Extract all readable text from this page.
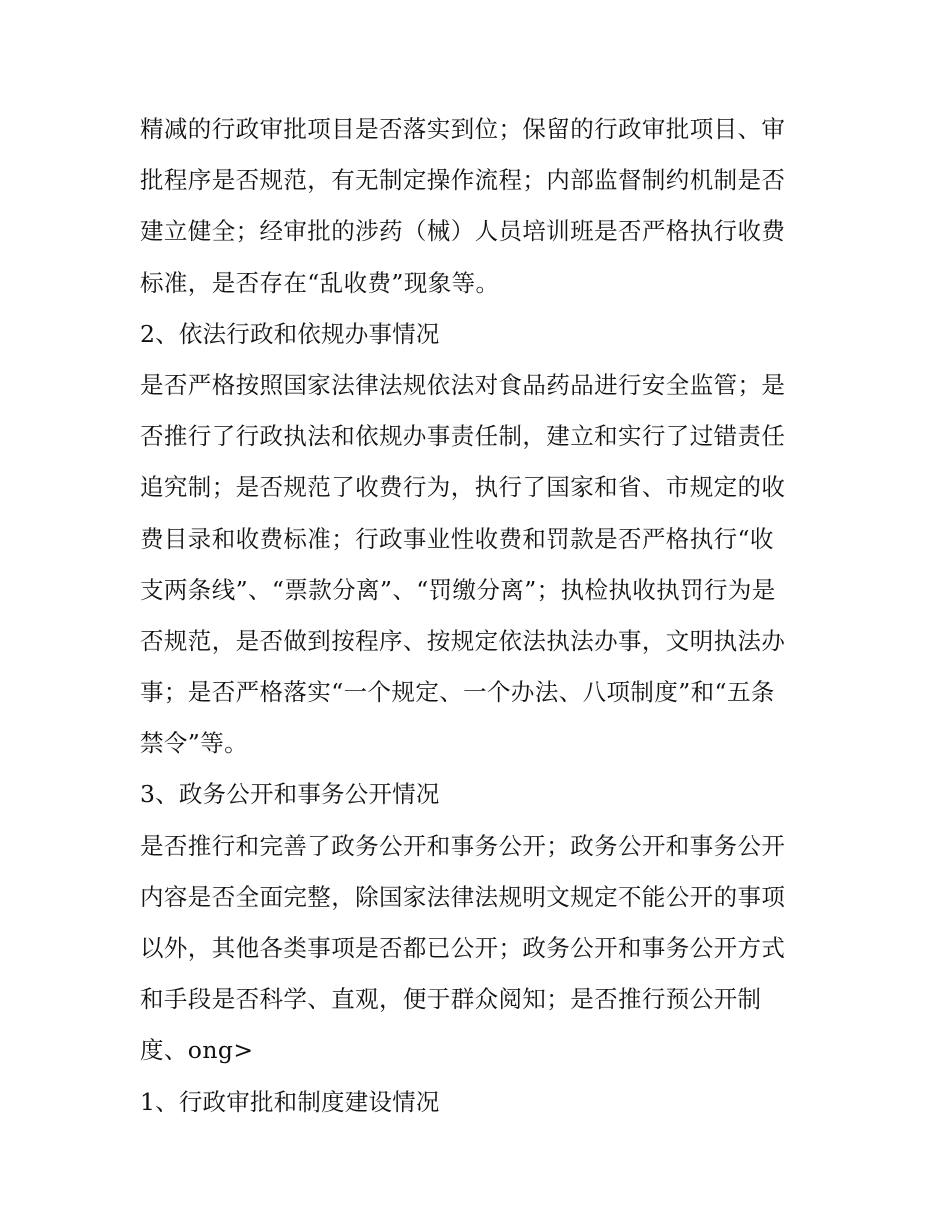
精减的行政审批项目是否落实到位；保留的行政审批项目、审
批程序是否规范，有无制定操作流程；内部监督制约机制是否
建立健全；经审批的涉药（械）人员培训班是否严格执行收费
标准，是否存在“乱收费”现象等。
2、依法行政和依规办事情况
是否严格按照国家法律法规依法对食品药品进行安全监管；是
否推行了行政执法和依规办事责任制，建立和实行了过错责任
追究制；是否规范了收费行为，执行了国家和省、市规定的收
费目录和收费标准；行政事业性收费和罚款是否严格执行“收
支两条线”、“票款分离”、“罚缴分离”；执检执收执罚行为是
否规范，是否做到按程序、按规定依法执法办事，文明执法办
事；是否严格落实“一个规定、一个办法、八项制度”和“五条
禁令”等。
3、政务公开和事务公开情况
是否推行和完善了政务公开和事务公开；政务公开和事务公开
内容是否全面完整，除国家法律法规明文规定不能公开的事项
以外，其他各类事项是否都已公开；政务公开和事务公开方式
和手段是否科学、直观，便于群众阅知；是否推行预公开制
度、ong>
1、行政审批和制度建设情况
